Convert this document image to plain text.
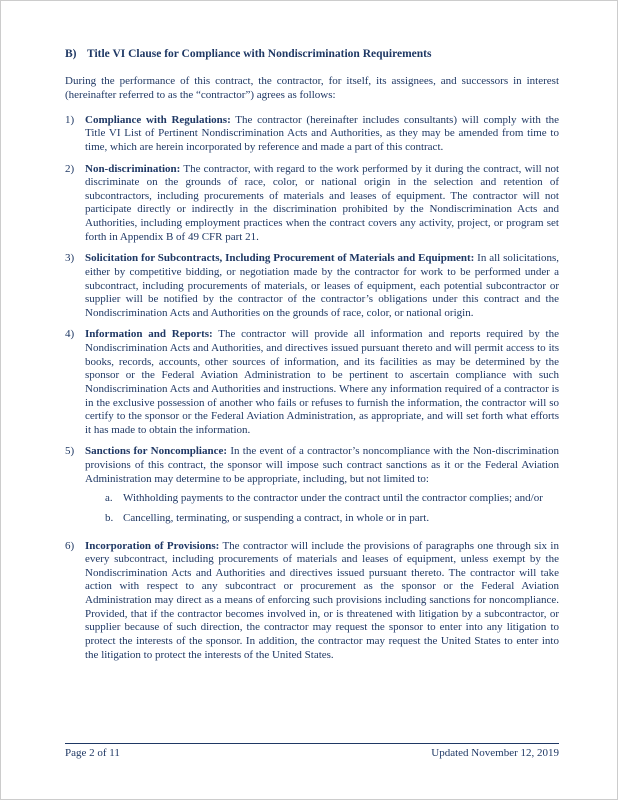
B) Title VI Clause for Compliance with Nondiscrimination Requirements

During the performance of this contract, the contractor, for itself, its assignees, and successors in interest (hereinafter referred to as the “contractor”) agrees as follows:

1) Compliance with Regulations: The contractor (hereinafter includes consultants) will comply with the Title VI List of Pertinent Nondiscrimination Acts and Authorities, as they may be amended from time to time, which are herein incorporated by reference and made a part of this contract.
2) Non-discrimination: The contractor, with regard to the work performed by it during the contract, will not discriminate on the grounds of race, color, or national origin in the selection and retention of subcontractors, including procurements of materials and leases of equipment. The contractor will not participate directly or indirectly in the discrimination prohibited by the Nondiscrimination Acts and Authorities, including employment practices when the contract covers any activity, project, or program set forth in Appendix B of 49 CFR part 21.
3) Solicitation for Subcontracts, Including Procurement of Materials and Equipment: In all solicitations, either by competitive bidding, or negotiation made by the contractor for work to be performed under a subcontract, including procurements of materials, or leases of equipment, each potential subcontractor or supplier will be notified by the contractor of the contractor’s obligations under this contract and the Nondiscrimination Acts and Authorities on the grounds of race, color, or national origin.
4) Information and Reports: The contractor will provide all information and reports required by the Nondiscrimination Acts and Authorities, and directives issued pursuant thereto and will permit access to its books, records, accounts, other sources of information, and its facilities as may be determined by the sponsor or the Federal Aviation Administration to be pertinent to ascertain compliance with such Nondiscrimination Acts and Authorities and instructions. Where any information required of a contractor is in the exclusive possession of another who fails or refuses to furnish the information, the contractor will so certify to the sponsor or the Federal Aviation Administration, as appropriate, and will set forth what efforts it has made to obtain the information.
5) Sanctions for Noncompliance: In the event of a contractor’s noncompliance with the Non-discrimination provisions of this contract, the sponsor will impose such contract sanctions as it or the Federal Aviation Administration may determine to be appropriate, including, but not limited to:
a. Withholding payments to the contractor under the contract until the contractor complies; and/or
b. Cancelling, terminating, or suspending a contract, in whole or in part.
6) Incorporation of Provisions: The contractor will include the provisions of paragraphs one through six in every subcontract, including procurements of materials and leases of equipment, unless exempt by the Nondiscrimination Acts and Authorities and directives issued pursuant thereto. The contractor will take action with respect to any subcontract or procurement as the sponsor or the Federal Aviation Administration may direct as a means of enforcing such provisions including sanctions for noncompliance. Provided, that if the contractor becomes involved in, or is threatened with litigation by a subcontractor, or supplier because of such direction, the contractor may request the sponsor to enter into any litigation to protect the interests of the sponsor. In addition, the contractor may request the United States to enter into the litigation to protect the interests of the United States.
Page 2 of 11	Updated November 12, 2019
